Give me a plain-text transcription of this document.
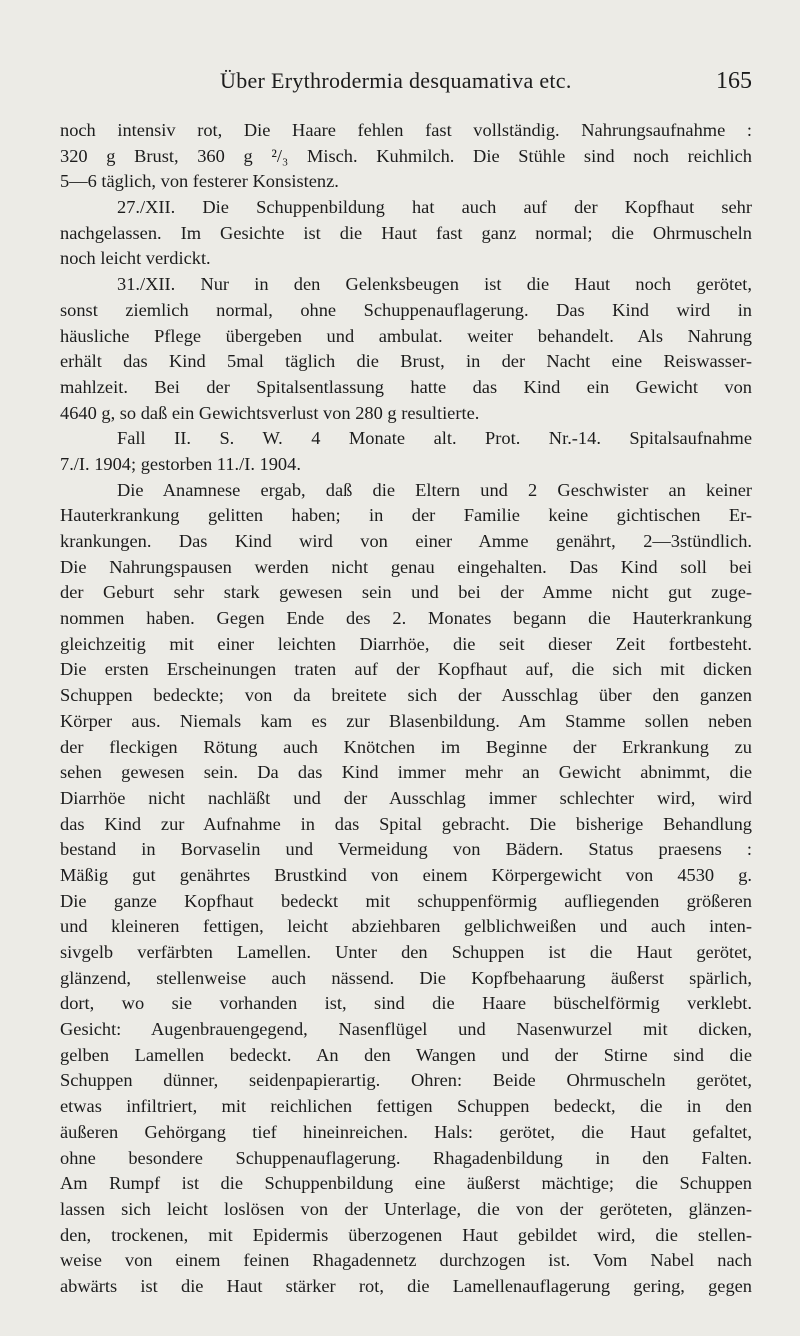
Über Erythrodermia desquamativa etc.	165
noch intensiv rot, Die Haare fehlen fast vollständig. Nahrungsaufnahme :
320 g Brust, 360 g ²/₃ Misch. Kuhmilch. Die Stühle sind noch reichlich
5—6 täglich, von festerer Konsistenz.
27./XII. Die Schuppenbildung hat auch auf der Kopfhaut sehr
nachgelassen. Im Gesichte ist die Haut fast ganz normal; die Ohrmuscheln
noch leicht verdickt.
31./XII. Nur in den Gelenksbeugen ist die Haut noch gerötet,
sonst ziemlich normal, ohne Schuppenauflagerung. Das Kind wird in
häusliche Pflege übergeben und ambulat. weiter behandelt. Als Nahrung
erhält das Kind 5mal täglich die Brust, in der Nacht eine Reiswasser-
mahlzeit. Bei der Spitalsentlassung hatte das Kind ein Gewicht von
4640 g, so daß ein Gewichtsverlust von 280 g resultierte.
Fall II. S. W. 4 Monate alt. Prot. Nr.-14. Spitalsaufnahme
7./I. 1904; gestorben 11./I. 1904.
Die Anamnese ergab, daß die Eltern und 2 Geschwister an keiner
Hauterkrankung gelitten haben; in der Familie keine gichtischen Er-
krankungen. Das Kind wird von einer Amme genährt, 2—3stündlich.
Die Nahrungspausen werden nicht genau eingehalten. Das Kind soll bei
der Geburt sehr stark gewesen sein und bei der Amme nicht gut zuge-
nommen haben. Gegen Ende des 2. Monates begann die Hauterkrankung
gleichzeitig mit einer leichten Diarrhöe, die seit dieser Zeit fortbesteht.
Die ersten Erscheinungen traten auf der Kopfhaut auf, die sich mit dicken
Schuppen bedeckte; von da breitete sich der Ausschlag über den ganzen
Körper aus. Niemals kam es zur Blasenbildung. Am Stamme sollen neben
der fleckigen Rötung auch Knötchen im Beginne der Erkrankung zu
sehen gewesen sein. Da das Kind immer mehr an Gewicht abnimmt, die
Diarrhöe nicht nachläßt und der Ausschlag immer schlechter wird, wird
das Kind zur Aufnahme in das Spital gebracht. Die bisherige Behandlung
bestand in Borvaselin und Vermeidung von Bädern. Status praesens :
Mäßig gut genährtes Brustkind von einem Körpergewicht von 4530 g.
Die ganze Kopfhaut bedeckt mit schuppenförmig aufliegenden größeren
und kleineren fettigen, leicht abziehbaren gelblichweißen und auch inten-
sivgelb verfärbten Lamellen. Unter den Schuppen ist die Haut gerötet,
glänzend, stellenweise auch nässend. Die Kopfbehaarung äußerst spärlich,
dort, wo sie vorhanden ist, sind die Haare büschelförmig verklebt.
Gesicht: Augenbrauengegend, Nasenflügel und Nasenwurzel mit dicken,
gelben Lamellen bedeckt. An den Wangen und der Stirne sind die
Schuppen dünner, seidenpapierartig. Ohren: Beide Ohrmuscheln gerötet,
etwas infiltriert, mit reichlichen fettigen Schuppen bedeckt, die in den
äußeren Gehörgang tief hineinreichen. Hals: gerötet, die Haut gefaltet,
ohne besondere Schuppenauflagerung. Rhagadenbildung in den Falten.
Am Rumpf ist die Schuppenbildung eine äußerst mächtige; die Schuppen
lassen sich leicht loslösen von der Unterlage, die von der geröteten, glänzen-
den, trockenen, mit Epidermis überzogenen Haut gebildet wird, die stellen-
weise von einem feinen Rhagadennetz durchzogen ist. Vom Nabel nach
abwärts ist die Haut stärker rot, die Lamellenauflagerung gering, gegen
